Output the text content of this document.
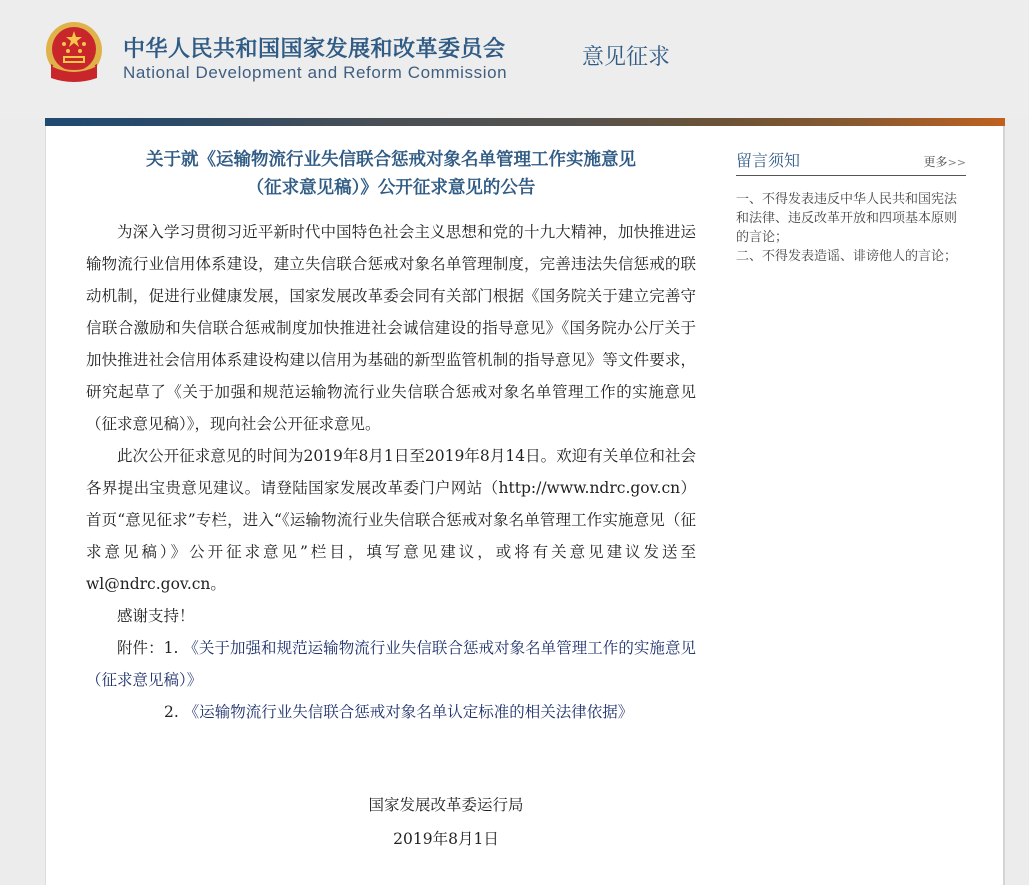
中华人民共和国国家发展和改革委员会
National Development and Reform Commission
意见征求
关于就《运输物流行业失信联合惩戒对象名单管理工作实施意见
（征求意见稿）》公开征求意见的公告

为深入学习贯彻习近平新时代中国特色社会主义思想和党的十九大精神，加快推进运输物流行业信用体系建设，建立失信联合惩戒对象名单管理制度，完善违法失信惩戒的联动机制，促进行业健康发展，国家发展改革委会同有关部门根据《国务院关于建立完善守信联合激励和失信联合惩戒制度加快推进社会诚信建设的指导意见》《国务院办公厅关于加快推进社会信用体系建设构建以信用为基础的新型监管机制的指导意见》等文件要求，研究起草了《关于加强和规范运输物流行业失信联合惩戒对象名单管理工作的实施意见（征求意见稿）》，现向社会公开征求意见。

此次公开征求意见的时间为2019年8月1日至2019年8月14日。欢迎有关单位和社会各界提出宝贵意见建议。请登陆国家发展改革委门户网站（http://www.ndrc.gov.cn）首页“意见征求”专栏，进入“《运输物流行业失信联合惩戒对象名单管理工作实施意见（征求意见稿）》公开征求意见”栏目，填写意见建议，或将有关意见建议发送至wl@ndrc.gov.cn。

感谢支持！

附件：1. 《关于加强和规范运输物流行业失信联合惩戒对象名单管理工作的实施意见（征求意见稿）》

2. 《运输物流行业失信联合惩戒对象名单认定标准的相关法律依据》
国家发展改革委运行局
2019年8月1日
留言须知	更多>>
一、不得发表违反中华人民共和国宪法和法律、违反改革开放和四项基本原则的言论；
二、不得发表造谣、诽谤他人的言论；
